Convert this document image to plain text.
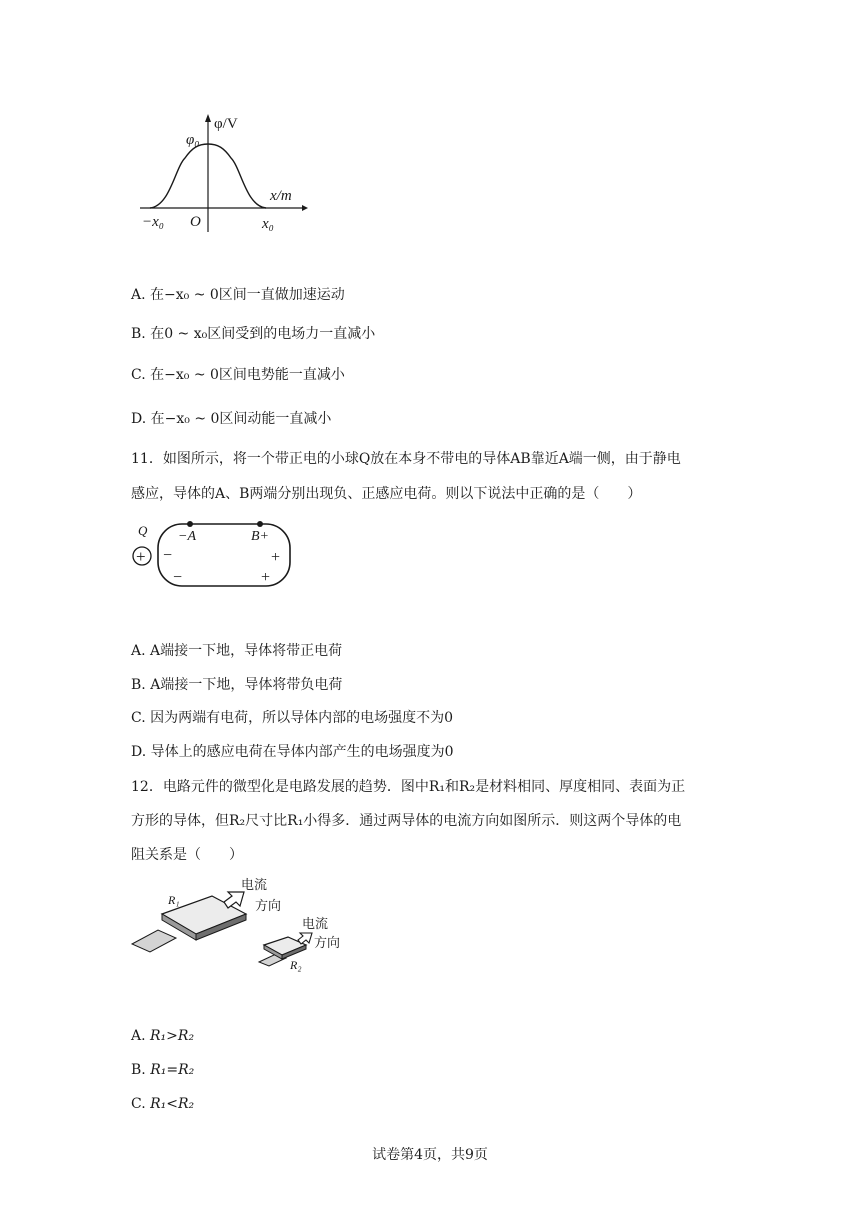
φ₀
φ/V
x/m
−x₀ O	x₀
A. 在−x₀ ~ 0区间一直做加速运动
B. 在0 ~ x₀区间受到的电场力一直减小
C. 在−x₀ ~ 0区间电势能一直减小
D. 在−x₀ ~ 0区间动能一直减小
11．如图所示，将一个带正电的小球Q放在本身不带电的导体AB靠近A端一侧，由于静电
感应，导体的A、B两端分别出现负、正感应电荷。则以下说法中正确的是（　　）
Q
+
−A	B+
−
−
+
+
A. A端接一下地，导体将带正电荷
B. A端接一下地，导体将带负电荷
C. 因为两端有电荷，所以导体内部的电场强度不为0
D. 导体上的感应电荷在导体内部产生的电场强度为0
12．电路元件的微型化是电路发展的趋势．图中R₁和R₂是材料相同、厚度相同、表面为正
方形的导体，但R₂尺寸比R₁小得多．通过两导体的电流方向如图所示．则这两个导体的电
阻关系是（　　）
R₁
电流
方向
R₂
电流
方向
A. R₁>R₂
B. R₁=R₂
C. R₁<R₂
试卷第4页，共9页
